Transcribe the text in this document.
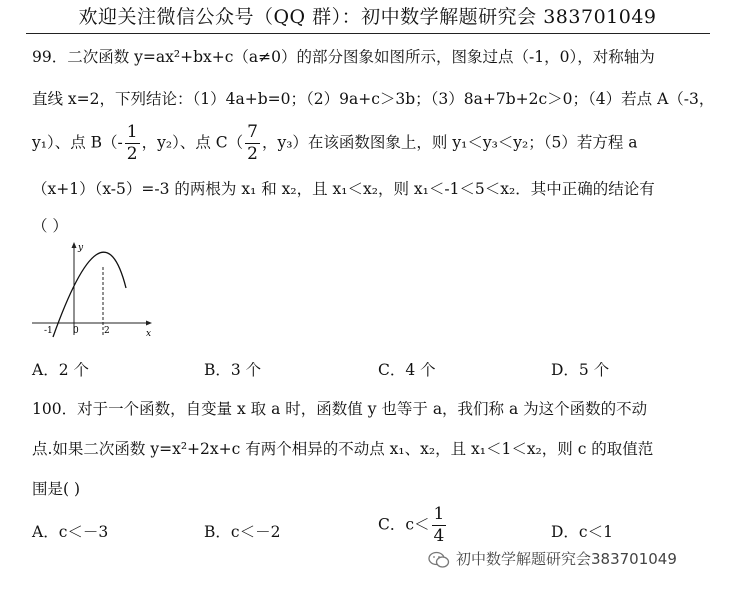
欢迎关注微信公众号（QQ 群）：初中数学解题研究会 383701049
99．二次函数 y=ax²+bx+c（a≠0）的部分图象如图所示，图象过点（-1，0），对称轴为
直线 x=2，下列结论：（1）4a+b=0；（2）9a+c＞3b；（3）8a+7b+2c＞0；（4）若点 A（-3，
y₁）、点 $B(- \frac{1}{2}$ ，y₂）、点 $C( \frac{7}{2}$ ，y₃）在该函数图象上，则 y₁＜y₃＜y₂；（5）若方程 a
（x+1）（x-5）=-3 的两根为 x₁ 和 x₂，且 x₁＜x₂，则 x₁＜-1＜5＜x₂．其中正确的结论有
（ ）
y
x
-1 0	2
A．2 个	B．3 个	C．4 个	D．5 个
100．对于一个函数，自变量 x 取 a 时，函数值 y 也等于 a，我们称 a 为这个函数的不动
点.如果二次函数 y=x²+2x+c 有两个相异的不动点 x₁、x₂，且 x₁＜1＜x₂，则 c 的取值范
围是( )
A．c＜－3	B．c＜－2	C．$c< \frac{1}{4}$	D．c＜1
初中数学解题研究会383701049
